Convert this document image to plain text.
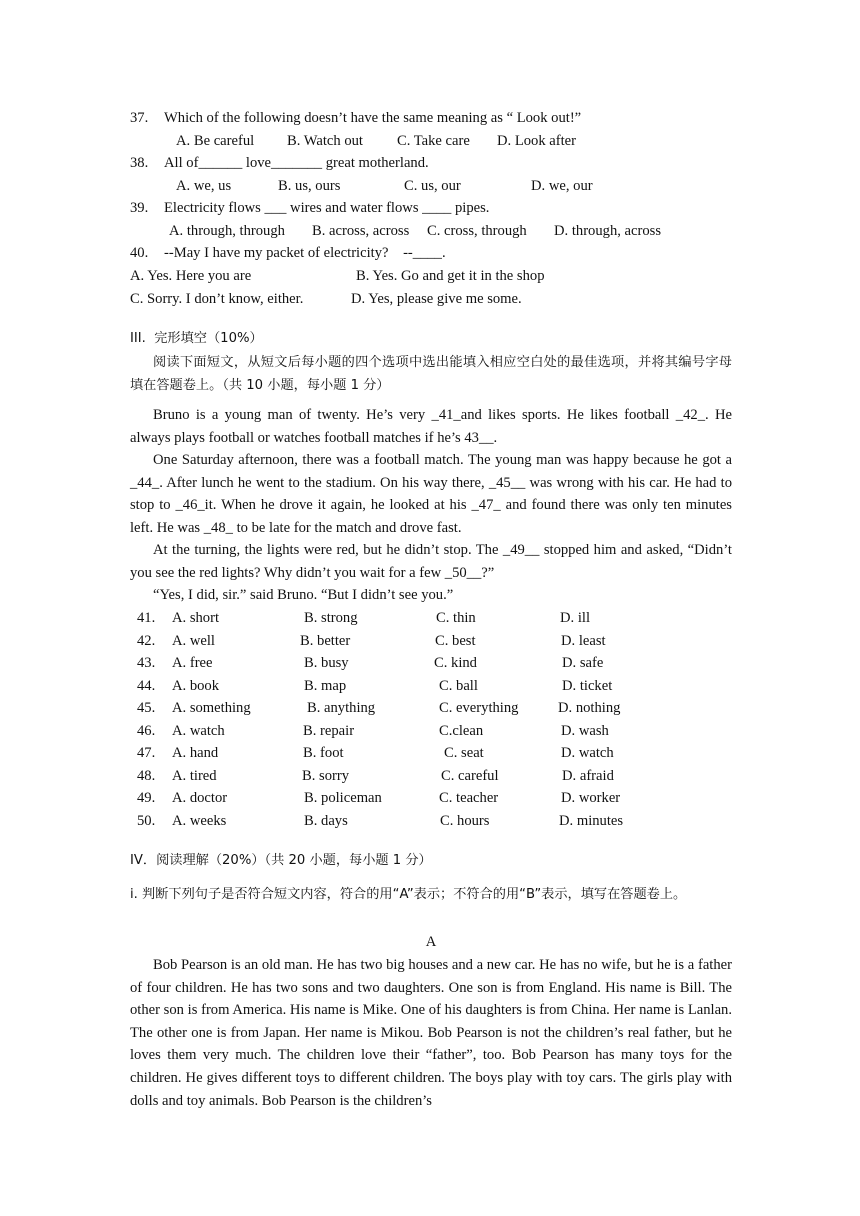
37. Which of the following doesn’t have the same meaning as “ Look out!”
A. Be careful B. Watch out C. Take care D. Look after
38. All of______ love_______ great motherland.
A. we, us	B. us, ours	C. us, our	D. we, our
39. Electricity flows ___ wires and water flows ____ pipes.
A. through, through B. across, across C. cross, through D. through, across
40. --May I have my packet of electricity?    --____.
A. Yes. Here you are	B. Yes. Go and get it in the shop
C. Sorry. I don’t know, either.	D. Yes, please give me some.
III.  完形填空（10%）
阅读下面短文，从短文后每小题的四个选项中选出能填入相应空白处的最佳选项，并将其编号字母填在答题卷上。（共 10 小题，每小题 1 分）
Bruno is a young man of twenty. He’s very _41_and likes sports. He likes football _42_. He always plays football or watches football matches if he’s 43__.
One Saturday afternoon, there was a football match. The young man was happy because he got a _44_. After lunch he went to the stadium. On his way there, _45__ was wrong with his car. He had to stop to _46_it. When he drove it again, he looked at his _47_ and found there was only ten minutes left. He was _48_ to be late for the match and drove fast.
At the turning, the lights were red, but he didn’t stop. The _49__ stopped him and asked, “Didn’t you see the red lights? Why didn’t you wait for a few _50__?”
“Yes, I did, sir.” said Bruno. “But I didn’t see you.”
41. A. short	B. strong	C. thin	D. ill
42. A. well	B. better	C. best	D. least
43. A. free	B. busy	C. kind	D. safe
44. A. book	B. map	C. ball	D. ticket
45. A. something	B. anything	C. everything	D. nothing
46. A. watch	B. repair	C.clean	D. wash
47. A. hand	B. foot	C. seat	D. watch
48. A. tired	B. sorry	C. careful	D. afraid
49. A. doctor	B. policeman	C. teacher	D. worker
50. A. weeks	B. days	C. hours	D. minutes
IV．阅读理解（20%）（共 20 小题，每小题 1 分）
i. 判断下列句子是否符合短文内容，符合的用“A”表示；不符合的用“B”表示，填写在答题卷上。
A
Bob Pearson is an old man. He has two big houses and a new car. He has no wife, but he is a father of four children. He has two sons and two daughters. One son is from England. His name is Bill. The other son is from America. His name is Mike. One of his daughters is from China. Her name is Lanlan. The other one is from Japan. Her name is Mikou. Bob Pearson is not the children’s real father, but he loves them very much. The children love their “father”, too. Bob Pearson has many toys for the children. He gives different toys to different children. The boys play with toy cars. The girls play with dolls and toy animals. Bob Pearson is the children’s
